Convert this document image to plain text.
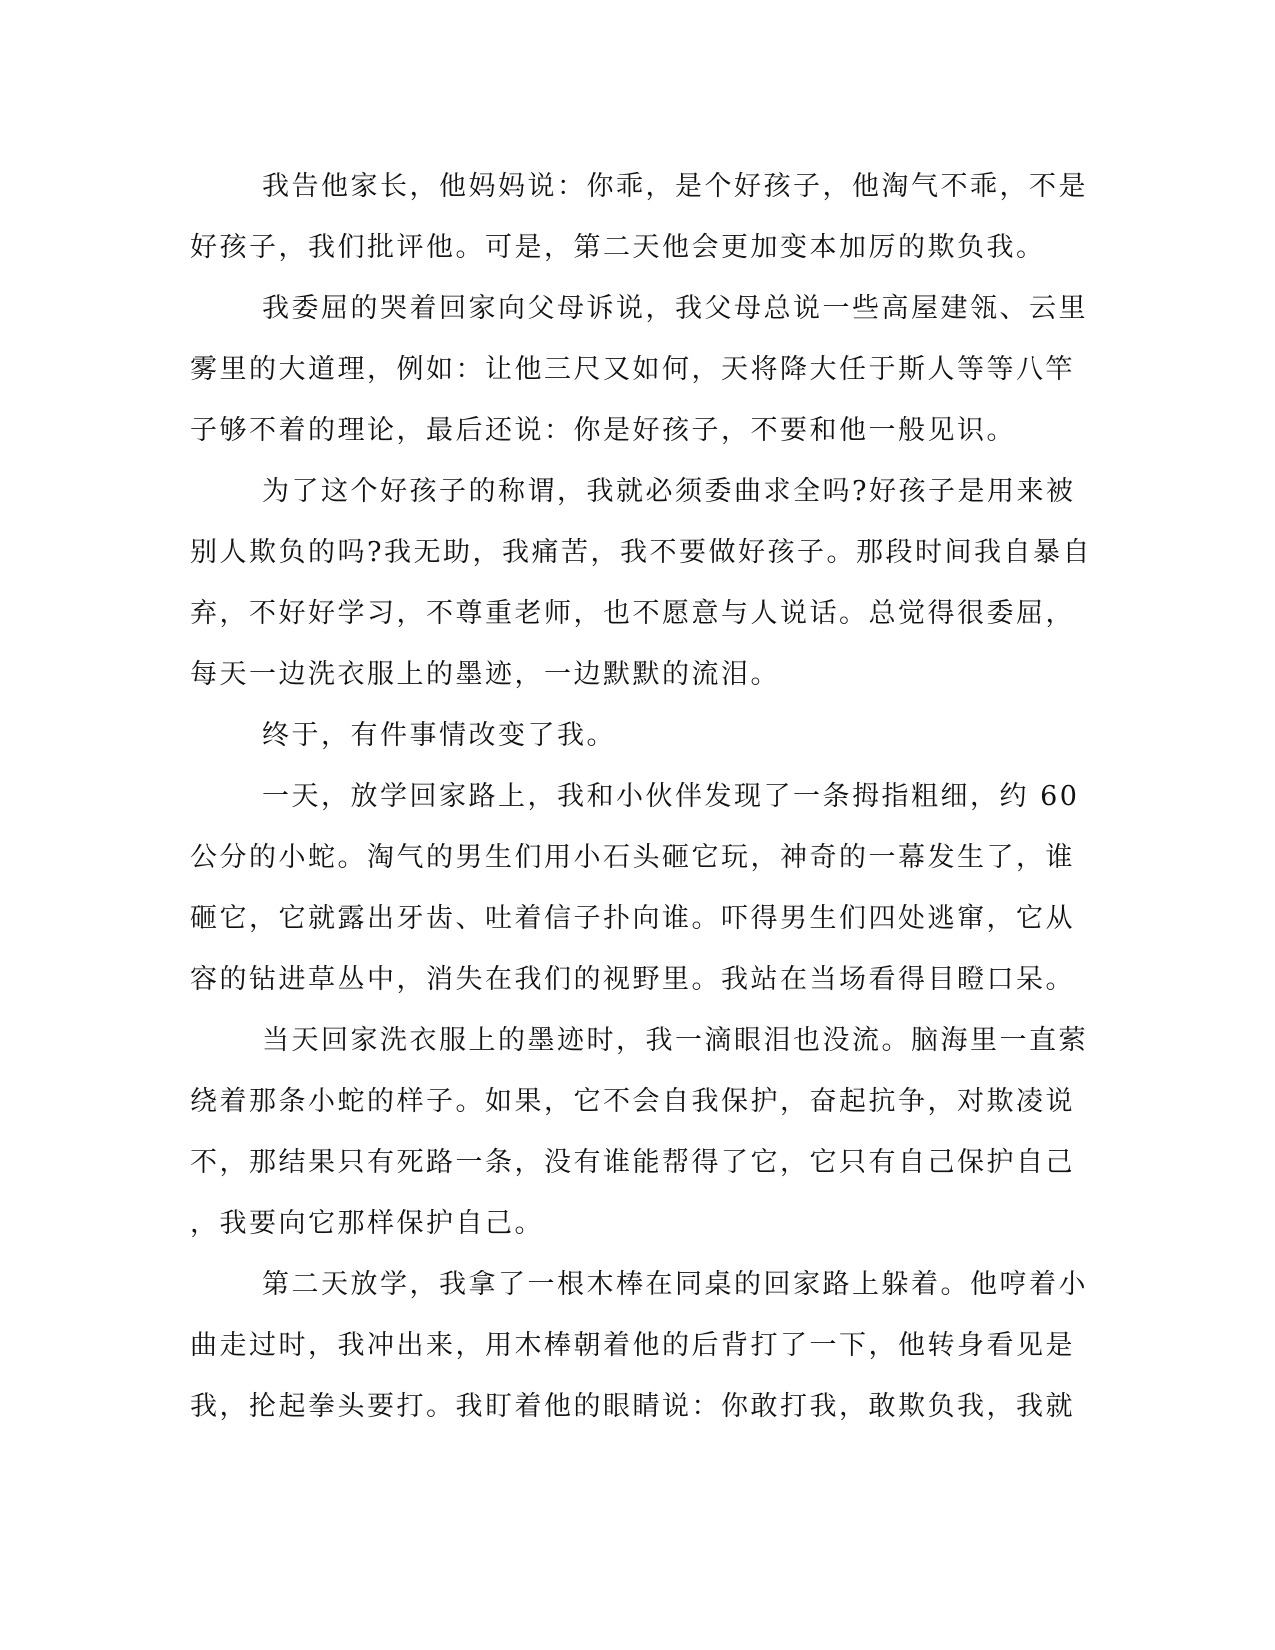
我告他家长，他妈妈说：你乖，是个好孩子，他淘气不乖，不是
好孩子，我们批评他。可是，第二天他会更加变本加厉的欺负我。

我委屈的哭着回家向父母诉说，我父母总说一些高屋建瓴、云里
雾里的大道理，例如：让他三尺又如何，天将降大任于斯人等等八竿
子够不着的理论，最后还说：你是好孩子，不要和他一般见识。

为了这个好孩子的称谓，我就必须委曲求全吗?好孩子是用来被
别人欺负的吗?我无助，我痛苦，我不要做好孩子。那段时间我自暴自
弃，不好好学习，不尊重老师，也不愿意与人说话。总觉得很委屈，
每天一边洗衣服上的墨迹，一边默默的流泪。

终于，有件事情改变了我。

一天，放学回家路上，我和小伙伴发现了一条拇指粗细，约 60
公分的小蛇。淘气的男生们用小石头砸它玩，神奇的一幕发生了，谁
砸它，它就露出牙齿、吐着信子扑向谁。吓得男生们四处逃窜，它从
容的钻进草丛中，消失在我们的视野里。我站在当场看得目瞪口呆。

当天回家洗衣服上的墨迹时，我一滴眼泪也没流。脑海里一直萦
绕着那条小蛇的样子。如果，它不会自我保护，奋起抗争，对欺凌说
不，那结果只有死路一条，没有谁能帮得了它，它只有自己保护自己
，我要向它那样保护自己。

第二天放学，我拿了一根木棒在同桌的回家路上躲着。他哼着小
曲走过时，我冲出来，用木棒朝着他的后背打了一下，他转身看见是
我，抡起拳头要打。我盯着他的眼睛说：你敢打我，敢欺负我，我就
